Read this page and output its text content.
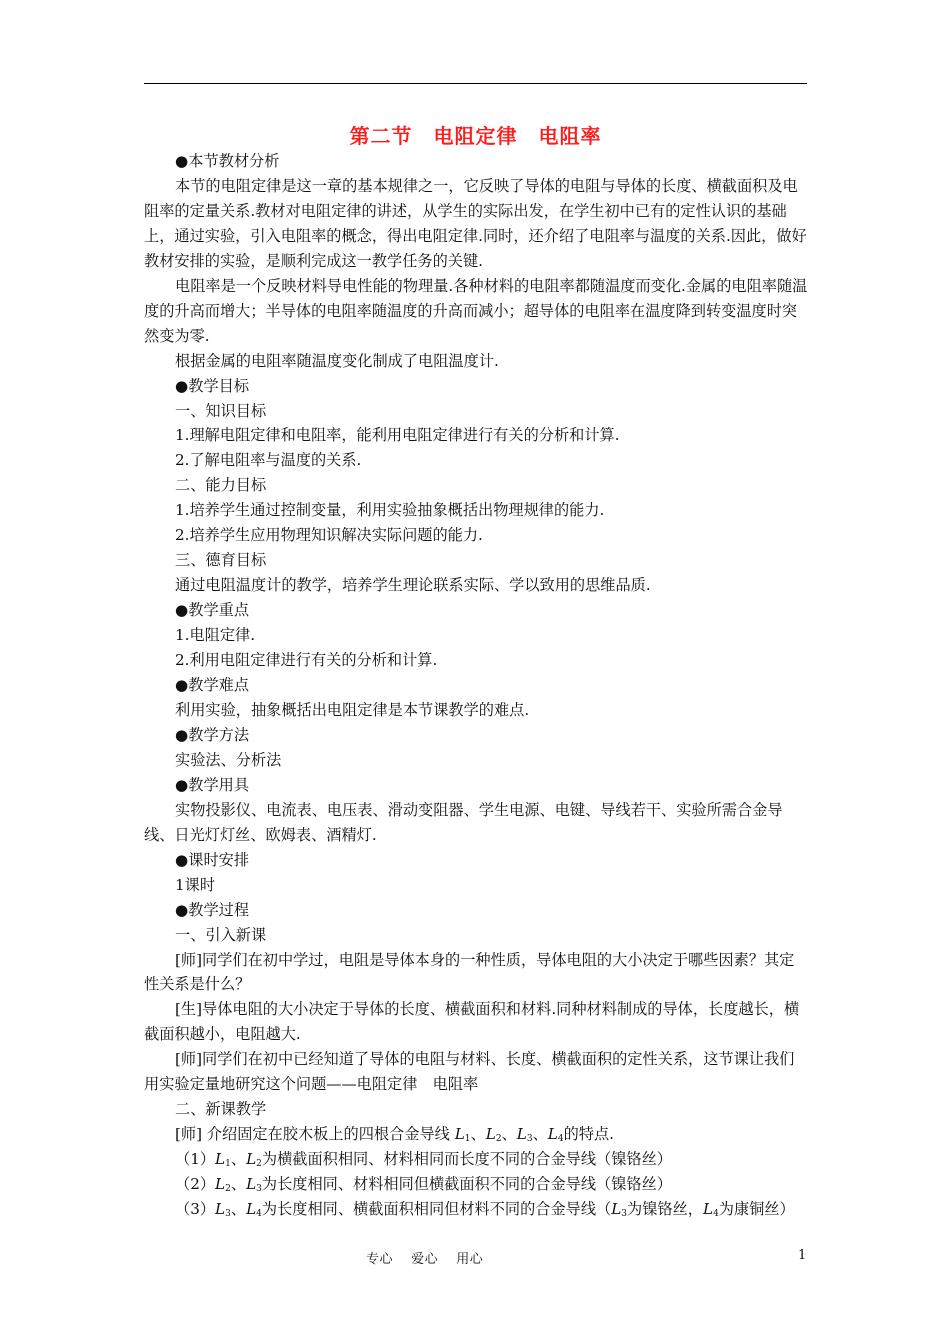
第二节　电阻定律　电阻率

●本节教材分析

本节的电阻定律是这一章的基本规律之一，它反映了导体的电阻与导体的长度、横截面积及电阻率的定量关系.教材对电阻定律的讲述，从学生的实际出发，在学生初中已有的定性认识的基础上，通过实验，引入电阻率的概念，得出电阻定律.同时，还介绍了电阻率与温度的关系.因此，做好教材安排的实验，是顺利完成这一教学任务的关键.

电阻率是一个反映材料导电性能的物理量.各种材料的电阻率都随温度而变化.金属的电阻率随温度的升高而增大；半导体的电阻率随温度的升高而减小；超导体的电阻率在温度降到转变温度时突然变为零.

根据金属的电阻率随温度变化制成了电阻温度计.

●教学目标

一、知识目标

1.理解电阻定律和电阻率，能利用电阻定律进行有关的分析和计算.

2.了解电阻率与温度的关系.

二、能力目标

1.培养学生通过控制变量，利用实验抽象概括出物理规律的能力.

2.培养学生应用物理知识解决实际问题的能力.

三、德育目标

通过电阻温度计的教学，培养学生理论联系实际、学以致用的思维品质.

●教学重点

1.电阻定律.

2.利用电阻定律进行有关的分析和计算.

●教学难点

利用实验，抽象概括出电阻定律是本节课教学的难点.

●教学方法

实验法、分析法

●教学用具

实物投影仪、电流表、电压表、滑动变阻器、学生电源、电键、导线若干、实验所需合金导线、日光灯灯丝、欧姆表、酒精灯.

●课时安排

1课时

●教学过程

一、引入新课

[师]同学们在初中学过，电阻是导体本身的一种性质，导体电阻的大小决定于哪些因素？其定性关系是什么？

[生]导体电阻的大小决定于导体的长度、横截面积和材料.同种材料制成的导体，长度越长，横截面积越小，电阻越大.

[师]同学们在初中已经知道了导体的电阻与材料、长度、横截面积的定性关系，这节课让我们用实验定量地研究这个问题——电阻定律　电阻率

二、新课教学

[师] 介绍固定在胶木板上的四根合金导线 $L_1$、$L_2$、$L_3$、$L_4$的特点.

$(1)L_1$、$L_2$为横截面积相同、材料相同而长度不同的合金导线（镍铬丝）

$(2)L_2$、$L_3$为长度相同、材料相同但横截面积不同的合金导线（镍铬丝）

$(3)L_3$、$L_4$为长度相同、横截面积相同但材料不同的合金导线（$L_3$为镍铬丝，$L_4$为康铜丝）

专心　 爱心　 用心	1
